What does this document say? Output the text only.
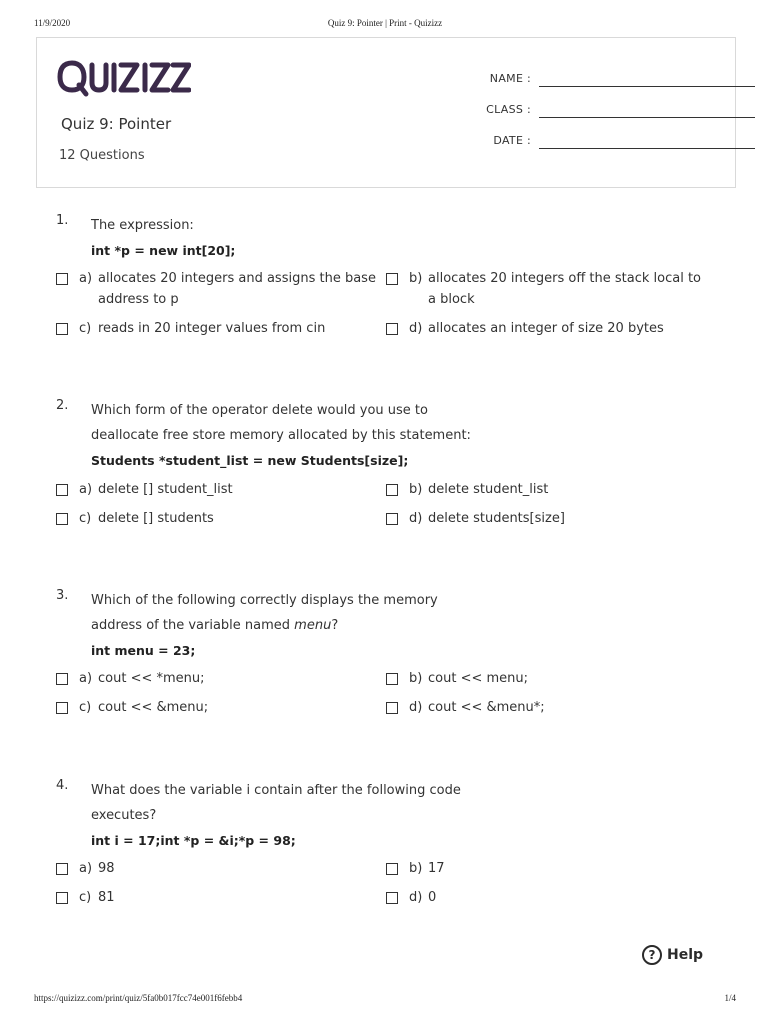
11/9/2020	Quiz 9: Pointer | Print - Quizizz
Quiz 9: Pointer
12 Questions
NAME :
CLASS :
DATE :
1. The expression:
int *p = new int[20];
a) allocates 20 integers and assigns the base address to p
b) allocates 20 integers off the stack local to a block
c) reads in 20 integer values from cin	d) allocates an integer of size 20 bytes
2. Which form of the operator delete would you use to
deallocate free store memory allocated by this statement:
Students *student_list = new Students[size];
a) delete [] student_list	b) delete student_list
c) delete [] students	d) delete students[size]
3. Which of the following correctly displays the memory
address of the variable named menu?
int menu = 23;
a) cout << *menu;	b) cout << menu;
c) cout << &menu;	d) cout << &menu*;
4. What does the variable i contain after the following code
executes?
int i = 17;int *p = &i;*p = 98;
a) 98	b) 17
c) 81	d) 0
? Help
https://quizizz.com/print/quiz/5fa0b017fcc74e001f6febb4	1/4
